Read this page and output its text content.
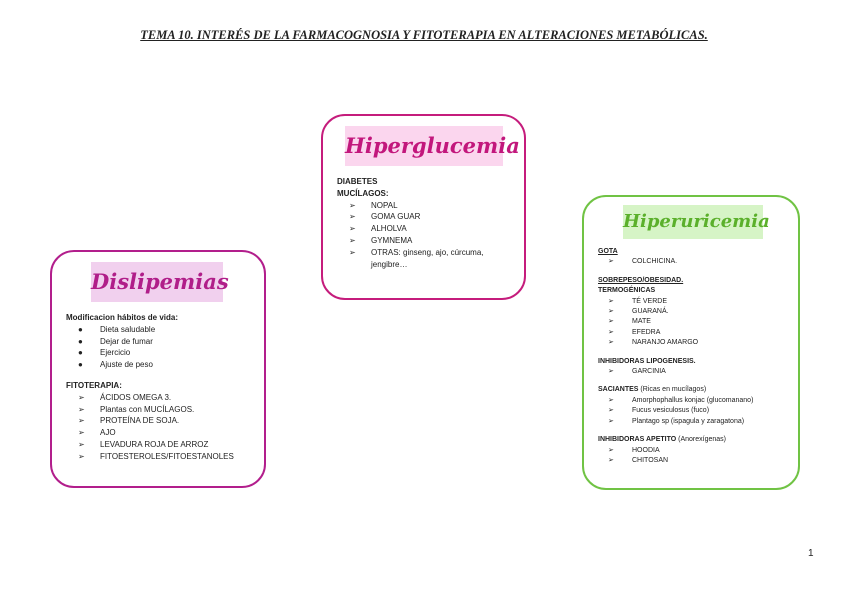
TEMA 10. INTERÉS DE LA FARMACOGNOSIA Y FITOTERAPIA EN ALTERACIONES METABÓLICAS.
Hiperglucemia
DIABETES
MUCÍLAGOS:
➢ NOPAL
➢ GOMA GUAR
➢ ALHOLVA
➢ GYMNEMA
➢ OTRAS: ginseng, ajo, cúrcuma, jengibre…
Dislipemias
Modificacion hábitos de vida:
● Dieta saludable
● Dejar de fumar
● Ejercicio
● Ajuste de peso
FITOTERAPIA:
➢ ÁCIDOS OMEGA 3.
➢ Plantas con MUCÍLAGOS.
➢ PROTEÍNA DE SOJA.
➢ AJO
➢ LEVADURA ROJA DE ARROZ
➢ FITOESTEROLES/FITOESTANOLES
Hiperuricemia
GOTA
➢	COLCHICINA.
SOBREPESO/OBESIDAD.
TERMOGÉNICAS
➢	TÉ VERDE
➢	GUARANÁ.
➢	MATE
➢	EFEDRA
➢	NARANJO AMARGO
INHIBIDORAS LIPOGENESIS.
➢	GARCINIA
SACIANTES (Ricas en mucílagos)
➢	Amorphophallus konjac (glucomanano)
➢	Fucus vesiculosus (fuco)
➢	Plantago sp (ispagula y zaragatona)
INHIBIDORAS APETITO (Anorexígenas)
➢	HOODIA
➢	CHITOSAN
1
